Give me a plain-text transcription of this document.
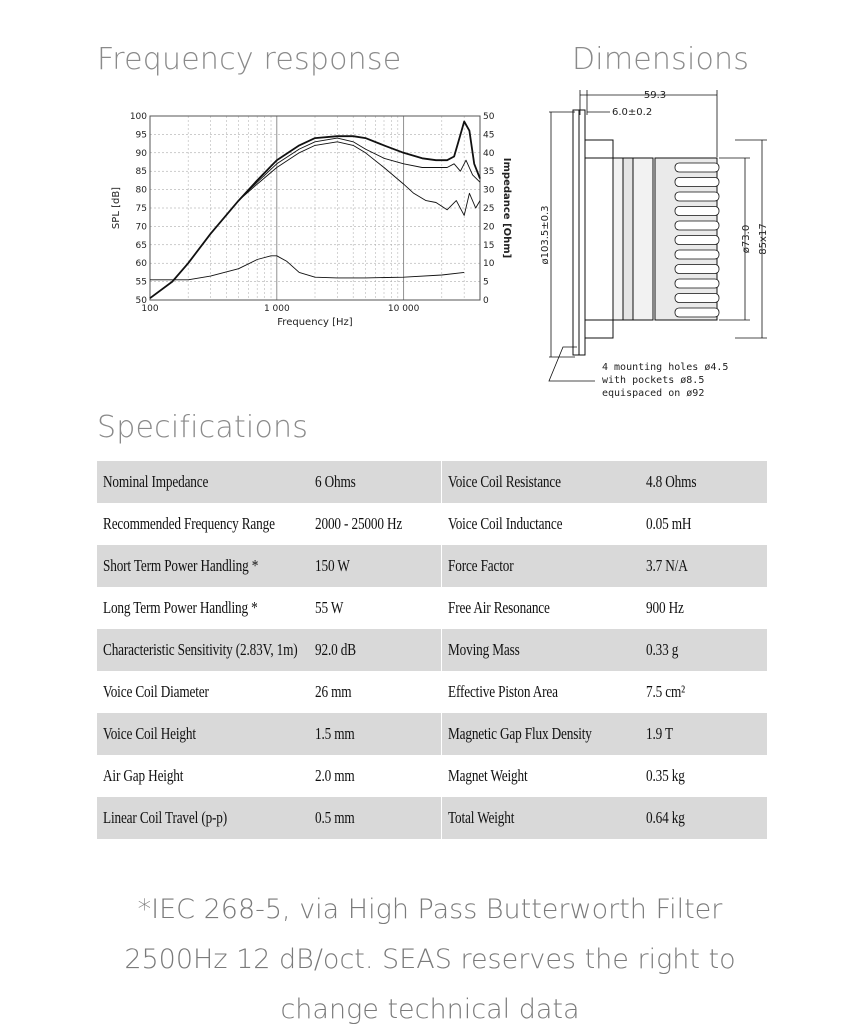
Frequency response	Dimensions
50
55
60
65
70
75
80
85
90
95
100
0
5
10
15
20
25
30
35
40
45
50
100	1 000	10 000
Frequency [Hz]
SPL [dB]	Impedance [Ohm]
59.3
6.0±0.2
ø103.5±0.3	ø73.0 85x17
4 mounting holes ø4.5
with pockets ø8.5
equispaced on ø92
Specifications
Nominal Impedance	6 Ohms	Voice Coil Resistance	4.8 Ohms
Recommended Frequency Range	2000 - 25000 Hz	Voice Coil Inductance	0.05 mH
Short Term Power Handling *	150 W	Force Factor	3.7 N/A
Long Term Power Handling *	55 W	Free Air Resonance	900 Hz
Characteristic Sensitivity (2.83V, 1m)	92.0 dB	Moving Mass	0.33 g
Voice Coil Diameter	26 mm	Effective Piston Area	7.5 cm²
Voice Coil Height	1.5 mm	Magnetic Gap Flux Density	1.9 T
Air Gap Height	2.0 mm	Magnet Weight	0.35 kg
Linear Coil Travel (p-p)	0.5 mm	Total Weight	0.64 kg

*IEC 268-5, via High Pass Butterworth Filter 2500Hz 12 dB/oct. SEAS reserves the right to change technical data
